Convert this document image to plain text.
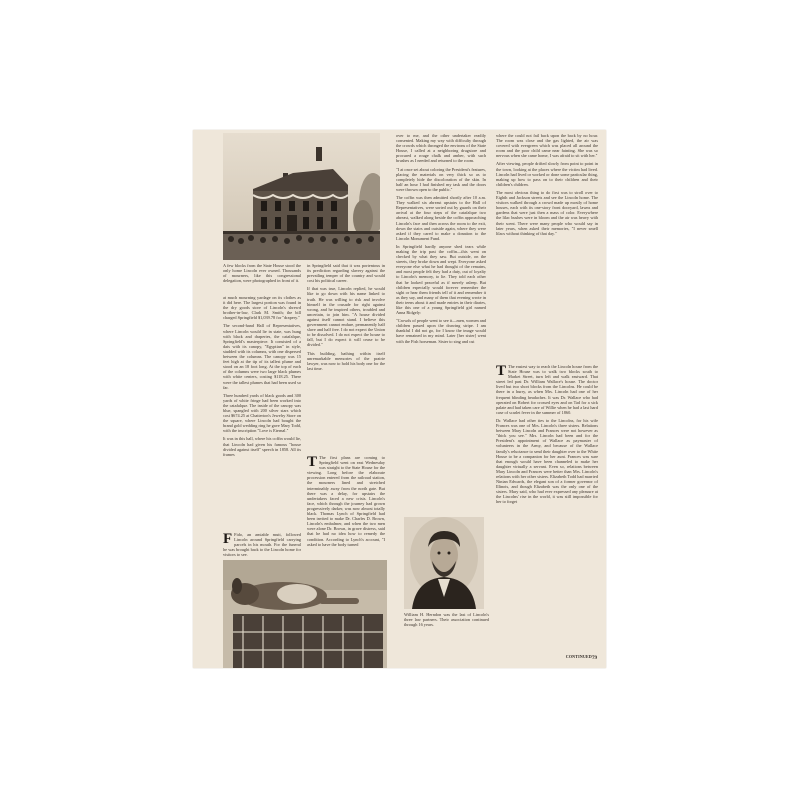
A few blocks from the State House stood the only home Lincoln ever owned. Thousands of mourners, like this congressional delegation, were photographed in front of it.

at much mourning yardage on its clothes as it did here. The largest portion was found in the dry goods store of Lincoln's shrewd brother-in-law, Clark M. Smith; the bill charged Springfield $1,039.78 for "drapery."

The second-hand Hall of Representatives, where Lincoln would lie in state, was hung with black and draperies, the catafalque, Springfield's masterpiece. It consisted of a dais with its canopy, "Egyptian" in style, studded with its columns, with one dispersed between the columns. The canopy was 15 feet high at the tip of its tallest plume and stood on an 18 foot long. At the top of each of the columns were two large black plumes with white centers, costing $118.25. There were the tallest plumes that had been used so far.

Three hundred yards of black goods and 300 yards of white fringe had been worked into the catafalque. The inside of the canopy was blue, spangled with 200 silver stars which cost $674.25 at Chatterton's Jewelry Store on the square, where Lincoln had bought the brand gold wedding ring he gave Mary Todd, with the inscription "Love is Eternal."

It was in this hall, where his coffin would lie, that Lincoln had given his famous "house divided against itself" speech in 1858. All its frames

F Fido, an amiable mutt, followed Lincoln around Springfield carrying parcels in his mouth. For the funeral he was brought back to the Lincoln home for visitors to see.

in Springfield said that it was portentous in its prediction regarding slavery against the prevailing temper of the country and would cost his political career.

If that was true, Lincoln replied, he would like to go down with his name linked to truth. He was willing to risk and involve himself in the crusade for right against wrong, and he inspired others, troubled and uncertain, to join him. "A house divided against itself cannot stand. I believe this government cannot endure, permanently half slave and half free. I do not expect the Union to be dissolved. I do not expect the house to fall, but I do expect it will cease to be divided."

This building, bathing within itself unremarkable memories of the prairie lawyer, was now to hold his body one for the last time.

T The first plans are coming to Springfield went on east Wednesday was straight to the State House for the viewing. Long before the elaborate procession entered from the railroad station, the mourners lined and stretched interminably away from the north gate. But there was a delay, for upstairs the undertakers faced a new crisis. Lincoln's face, which through the journey had grown progressively darker, was now almost totally black. Thomas Lynch of Springfield had been invited to make Dr. Charles D. Brown, Lincoln's embalmer, and when the two men were alone Dr. Brown, in grave distress, said that he had no idea how to remedy the condition. According to Lynch's account, "I asked to have the body turned

over to me, and the other undertaker readily consented. Making my way with difficulty through the crowds which thronged the environs of the State House, I called at a neighboring drugstore and procured a rouge chalk and amber, with such brushes as I needed and returned to the room.

"I at once set about coloring the President's features, placing the materials on very thick so as to completely hide the discoloration of the skin. In half an hour I had finished my task and the doors were thrown open to the public."

The coffin was then admitted shortly after 10 a.m. They walked six abreast upstairs to the Hall of Representatives, were sorted out by guards on their arrival at the four steps of the catafalque two abreast, walked along beside the coffin approaching Lincoln's face and then across the room to the exit, down the stairs and outside again, where they were asked if they cared to make a donation to the Lincoln Monument Fund.

In Springfield hardly anyone shed tears while making the trip past the coffin—this went on checked by what they saw. But outside, on the streets, they broke down and wept. Everyone asked everyone else what he had thought of the remains, and most people felt they had a duty, out of loyalty to Lincoln's memory, to lie. They told each other that he looked peaceful as if merely asleep. But children especially would forever remember the sight or hear them friends tell of it and remember it as they say, and many of them that evening wrote in their teens about it and made entries in their diaries, like this one of a young Springfield girl named Anna Ridgely:

"Crowds of people went to see it—men, women and children passed upon the drawing stripe. I am thankful I did not go, for I know the image would have remained in my mind. Later [her sister] went with the Fish horseman. Sister to sing and cut

William H. Herndon was the last of Lincoln's three law partners. Their association continued through 16 years.

where the could not fail back upon the back by no hour. The room was close and the gas lighted, the air was covered with evergreen which was placed all around the room and the poor child came near fainting. She was so nervous when she came home, I was afraid to sit with her."

After viewing, people drifted slowly from point to point in the town, looking at the places where the victim had lived. Lincoln had lived or worked or done some particular thing, making up how to pass on to their children and their children's children.

The most obvious thing to do first was to stroll over to Eighth and Jackson streets and see the Lincoln home. The visitors walked through a crowd made up mostly of home houses, each with its one-story front dooryard, lawns and gardens that were just then a mass of color. Everywhere the lilac bushes were in bloom and the air was heavy with their scent. There were many people who would say in later years, when asked their memories, "I never smell lilacs without thinking of that day."

T The easiest way to reach the Lincoln house from the State House was to walk two blocks south to Market Street, turn left and walk eastward. That street led past Dr. William Wallace's house. The doctor lived but two short blocks from the Lincolns. He could be there in a hurry, as when Mrs. Lincoln had one of her frequent blinding headaches. It was Dr. Wallace who had operated on Robert for crossed eyes and on Tad for a sick palate and had taken care of Willie when he had a last hard case of scarlet fever in the summer of 1860.

Dr. Wallace had other ties to the Lincolns, for his wife Frances was one of Mrs. Lincoln's three sisters. Relations between Mary Lincoln and Frances were not however as "thick you see." Mrs. Lincoln had been and for the President's appointment of Wallace as paymaster of volunteers in the Army, and because of the Wallace family's reluctance to send their daughter over to the White House to be a companion for her aunt. Frances was sure that enough would have been channeled to make her daughter virtually a servant. Even so, relations between Mary Lincoln and Frances were better than Mrs. Lincoln's relations with her other sisters. Elizabeth Todd had married Ninian Edwards, the elegant son of a former governor of Illinois, and though Elizabeth was the only one of the sisters. Mary said, who had ever expressed any pleasure at the Lincolns' rise in the world, it was still impossible for her to forget

CONTINUED 79
